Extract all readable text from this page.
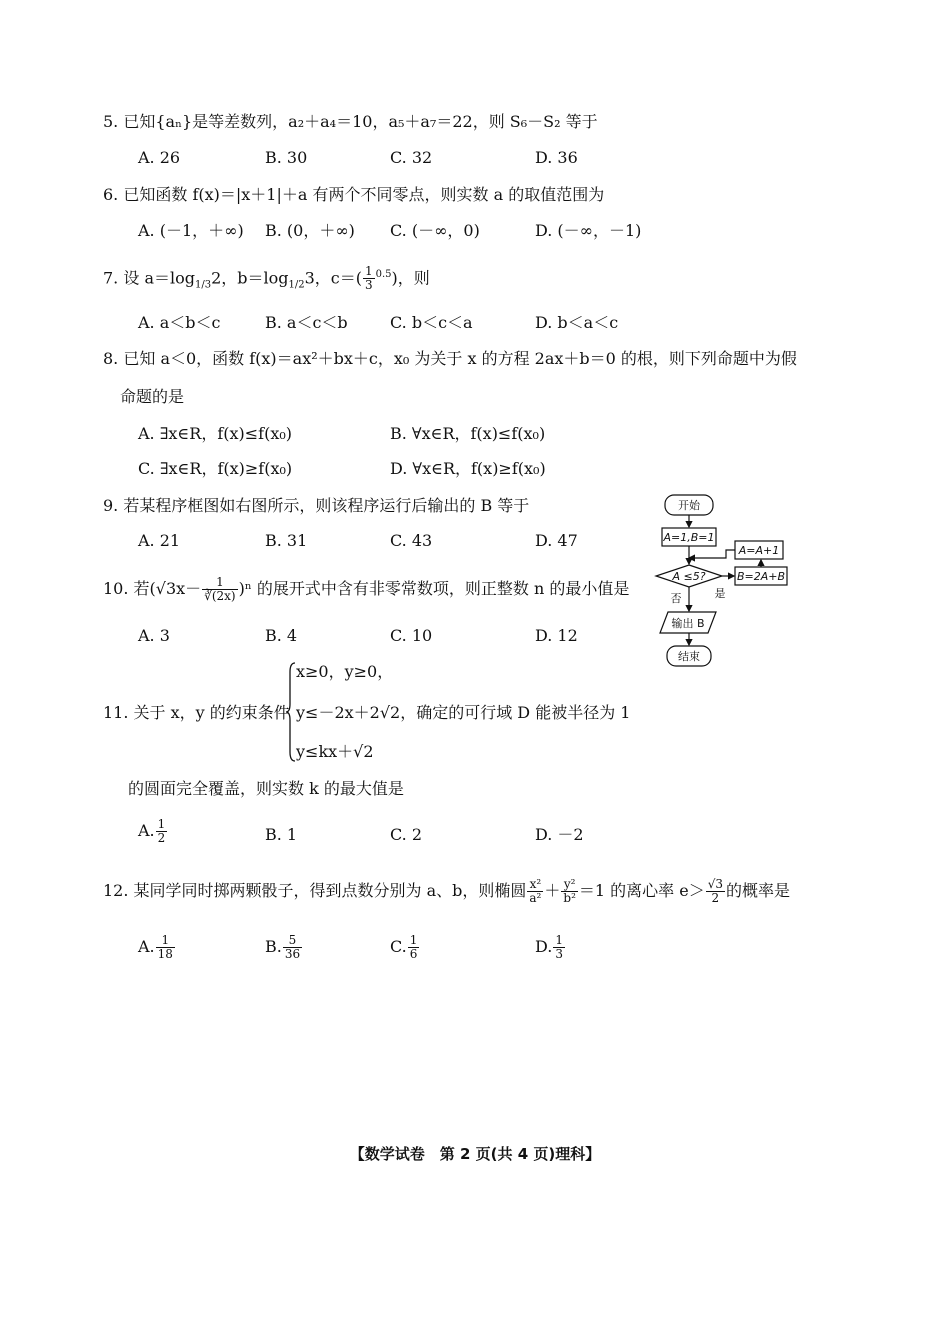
5. 已知{aₙ}是等差数列，a₂＋a₄＝10，a₅＋a₇＝22，则 S₆－S₂ 等于
A. 26	B. 30	C. 32	D. 36
6. 已知函数 f(x)＝|x＋1|＋a 有两个不同零点，则实数 a 的取值范围为
A. (－1，＋∞) B. (0，＋∞) C. (－∞，0)	D. (－∞，－1)
7. 设 $a=\log_{1/3}2$，$b=\log_{1/2}3$，$c=( \frac{1}{3} ^{0.5})$，则
A. a＜b＜c	B. a＜c＜b	C. b＜c＜a	D. b＜a＜c
8. 已知 a＜0，函数 f(x)＝ax²＋bx＋c，x₀ 为关于 x 的方程 2ax＋b＝0 的根，则下列命题中为假
命题的是
A. ∃x∈R，f(x)≤f(x₀)	B. ∀x∈R，f(x)≤f(x₀)
C. ∃x∈R，f(x)≥f(x₀)	D. ∀x∈R，f(x)≥f(x₀)
9. 若某程序框图如右图所示，则该程序运行后输出的 B 等于
A. 21	B. 31	C. 43	D. 47
10. 若$(√3x- \frac{1}{∛(2x)} )^n$ 的展开式中含有非零常数项，则正整数 n 的最小值是
A. 3	B. 4	C. 10	D. 12
11. 关于 x，y 的约束条件
x≥0，y≥0，
y≤－2x＋2√2，确定的可行域 D 能被半径为 1
y≤kx＋√2
的圆面完全覆盖，则实数 k 的最大值是
A. $\frac{1}{2}$	B. 1	C. 2	D. －2
12. 某同学同时掷两颗骰子，得到点数分别为 a、b，则椭圆 $\frac{\text{x²}}{\text{a²}} + \frac{\text{y²}}{\text{b²}} =1$ 的离心率 $e> \frac{√3}{2}$ 的概率是
A. $\frac{1}{18}$	B. $\frac{5}{36}$	C. $\frac{1}{6}$	D. $\frac{1}{3}$
开始
A=1,B=1
A ≤5?	B=2A+B
A=A+1
是
否
输出 B
结束
【数学试卷　第 2 页(共 4 页)理科】
